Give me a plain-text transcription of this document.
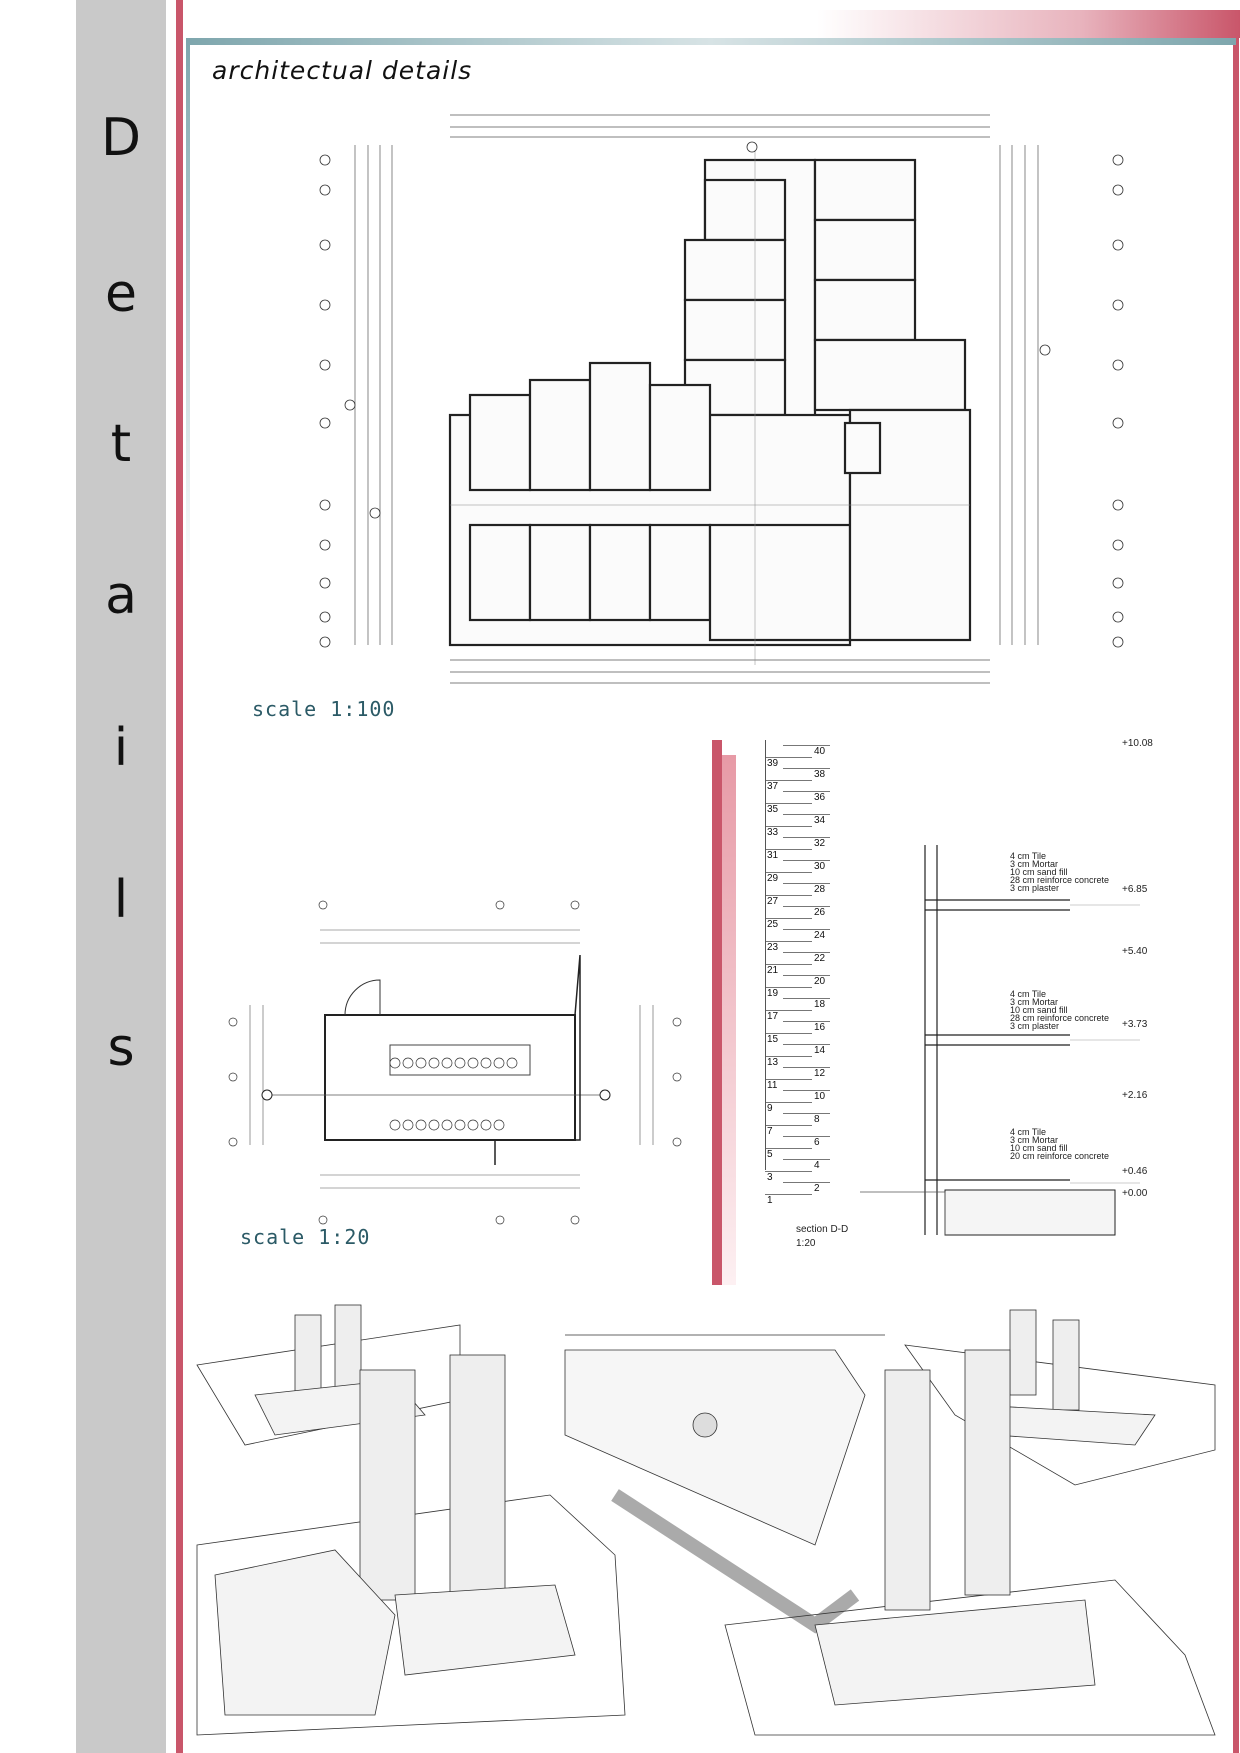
D
e
t
a
i
l
s
architectual details
scale 1:100
scale 1:20
40
39
38
37
36
35
34
33
32
31
30
29
28
27
26
25
24
23
22
21
20
19
18
17
16
15
14
13
12
11
10
9
8
7
6
5
4
3
2
1
+10.08
+6.85
+5.40
+3.73
+2.16
+0.46
+0.00
4 cm Tile
3 cm Mortar
10 cm sand fill
28 cm reinforce concrete
3 cm plaster
4 cm Tile
3 cm Mortar
10 cm sand fill
28 cm reinforce concrete
3 cm plaster
4 cm Tile
3 cm Mortar
10 cm sand fill
20 cm reinforce concrete
section D-D
1:20
